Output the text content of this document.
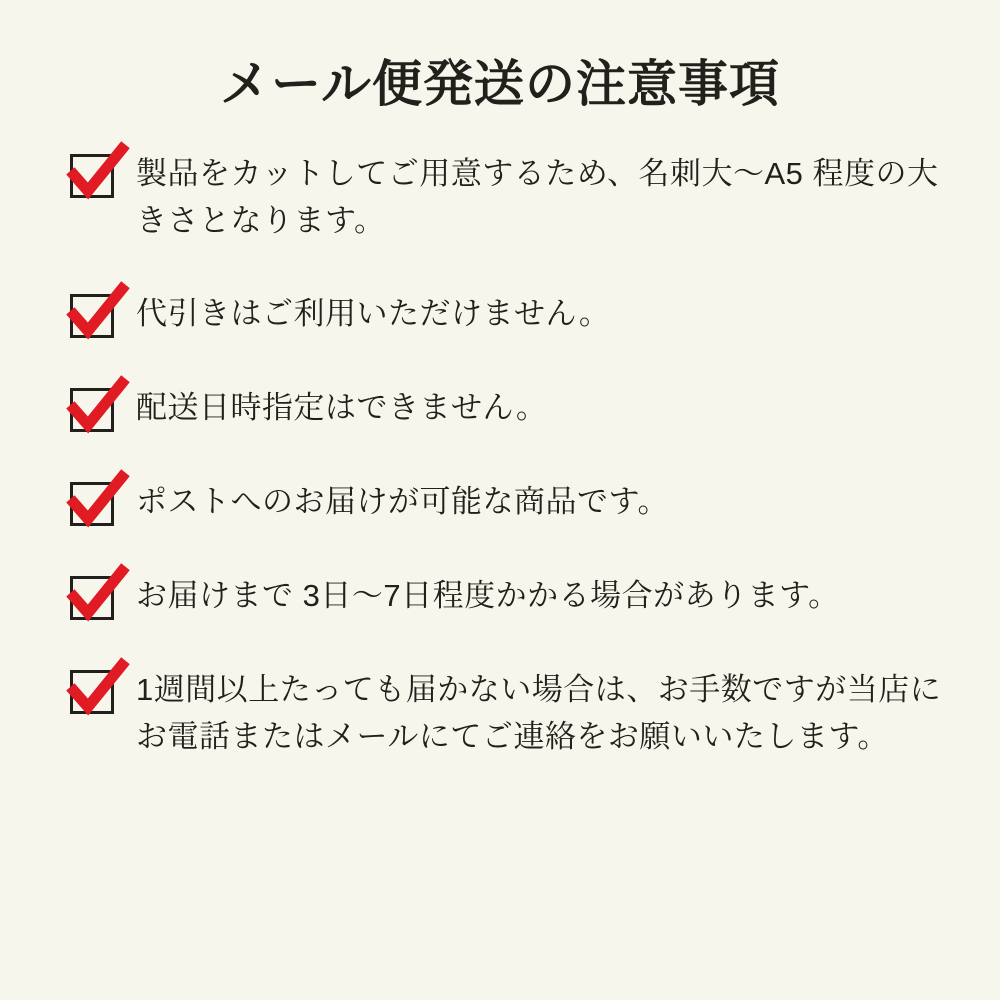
メール便発送の注意事項
製品をカットしてご用意するため、名刺大〜A5 程度の大きさとなります。
代引きはご利用いただけません。
配送日時指定はできません。
ポストへのお届けが可能な商品です。
お届けまで 3日〜7日程度かかる場合があります。
1週間以上たっても届かない場合は、お手数ですが当店にお電話またはメールにてご連絡をお願いいたします。
